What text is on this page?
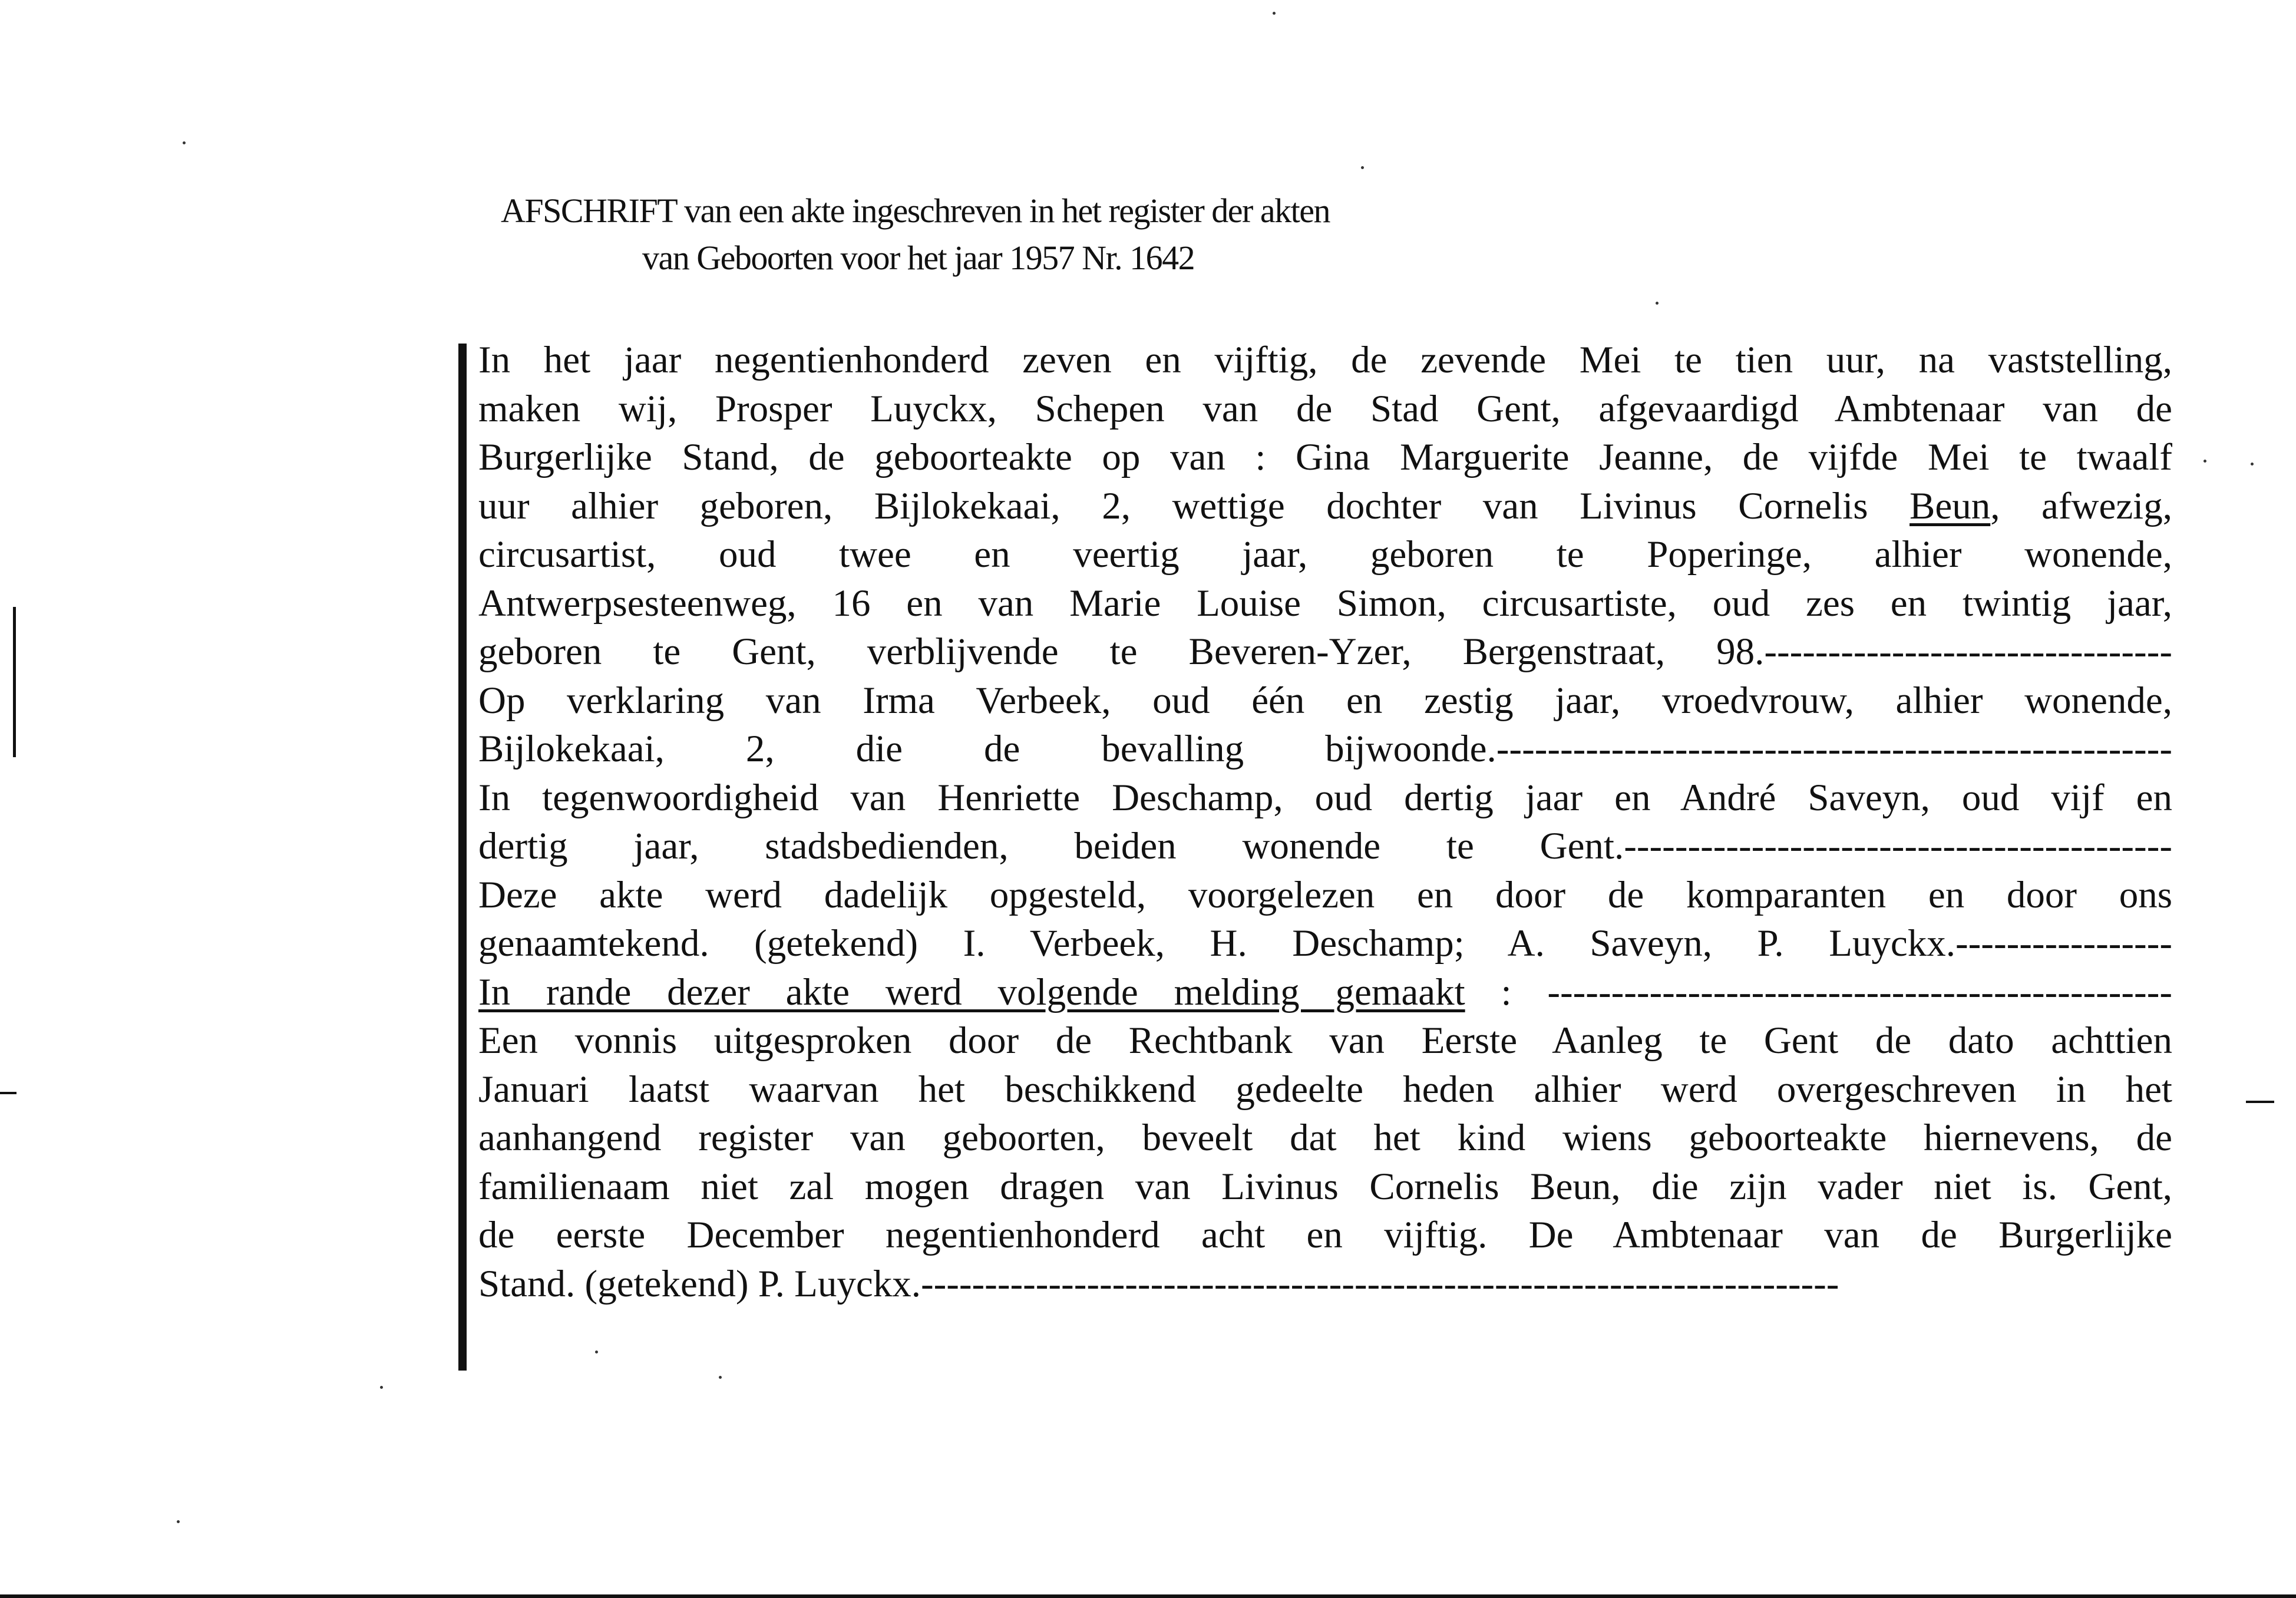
AFSCHRIFT van een akte ingeschreven in het register der akten
van Geboorten voor het jaar 1957 Nr. 1642
In het jaar negentienhonderd zeven en vijftig, de zevende Mei te tien uur, na vaststelling,
maken wij, Prosper Luyckx, Schepen van de Stad Gent, afgevaardigd Ambtenaar van de
Burgerlijke Stand, de geboorteakte op van : Gina Marguerite Jeanne, de vijfde Mei te twaalf
uur alhier geboren, Bijlokekaai, 2, wettige dochter van Livinus Cornelis Beun, afwezig,
circusartist, oud twee en veertig jaar, geboren te Poperinge, alhier wonende,
Antwerpsesteenweg, 16 en van Marie Louise Simon, circusartiste, oud zes en twintig jaar,
geboren te Gent, verblijvende te Beveren-Yzer, Bergenstraat, 98.--------------------------------
Op verklaring van Irma Verbeek, oud één en zestig jaar, vroedvrouw, alhier wonende,
Bijlokekaai, 2, die de bevalling bijwoonde.-----------------------------------------------------
In tegenwoordigheid van Henriette Deschamp, oud dertig jaar en André Saveyn, oud vijf en
dertig jaar, stadsbedienden, beiden wonende te Gent.-------------------------------------------
Deze akte werd dadelijk opgesteld, voorgelezen en door de komparanten en door ons
genaamtekend. (getekend) I. Verbeek, H. Deschamp; A. Saveyn, P. Luyckx.-----------------
In rande dezer akte werd volgende melding gemaakt : -------------------------------------------------
Een vonnis uitgesproken door de Rechtbank van Eerste Aanleg te Gent de dato achttien
Januari laatst waarvan het beschikkend gedeelte heden alhier werd overgeschreven in het
aanhangend register van geboorten, beveelt dat het kind wiens geboorteakte hiernevens, de
familienaam niet zal mogen dragen van Livinus Cornelis Beun, die zijn vader niet is. Gent,
de eerste December negentienhonderd acht en vijftig. De Ambtenaar van de Burgerlijke
Stand. (getekend) P. Luyckx.------------------------------------------------------------------------
